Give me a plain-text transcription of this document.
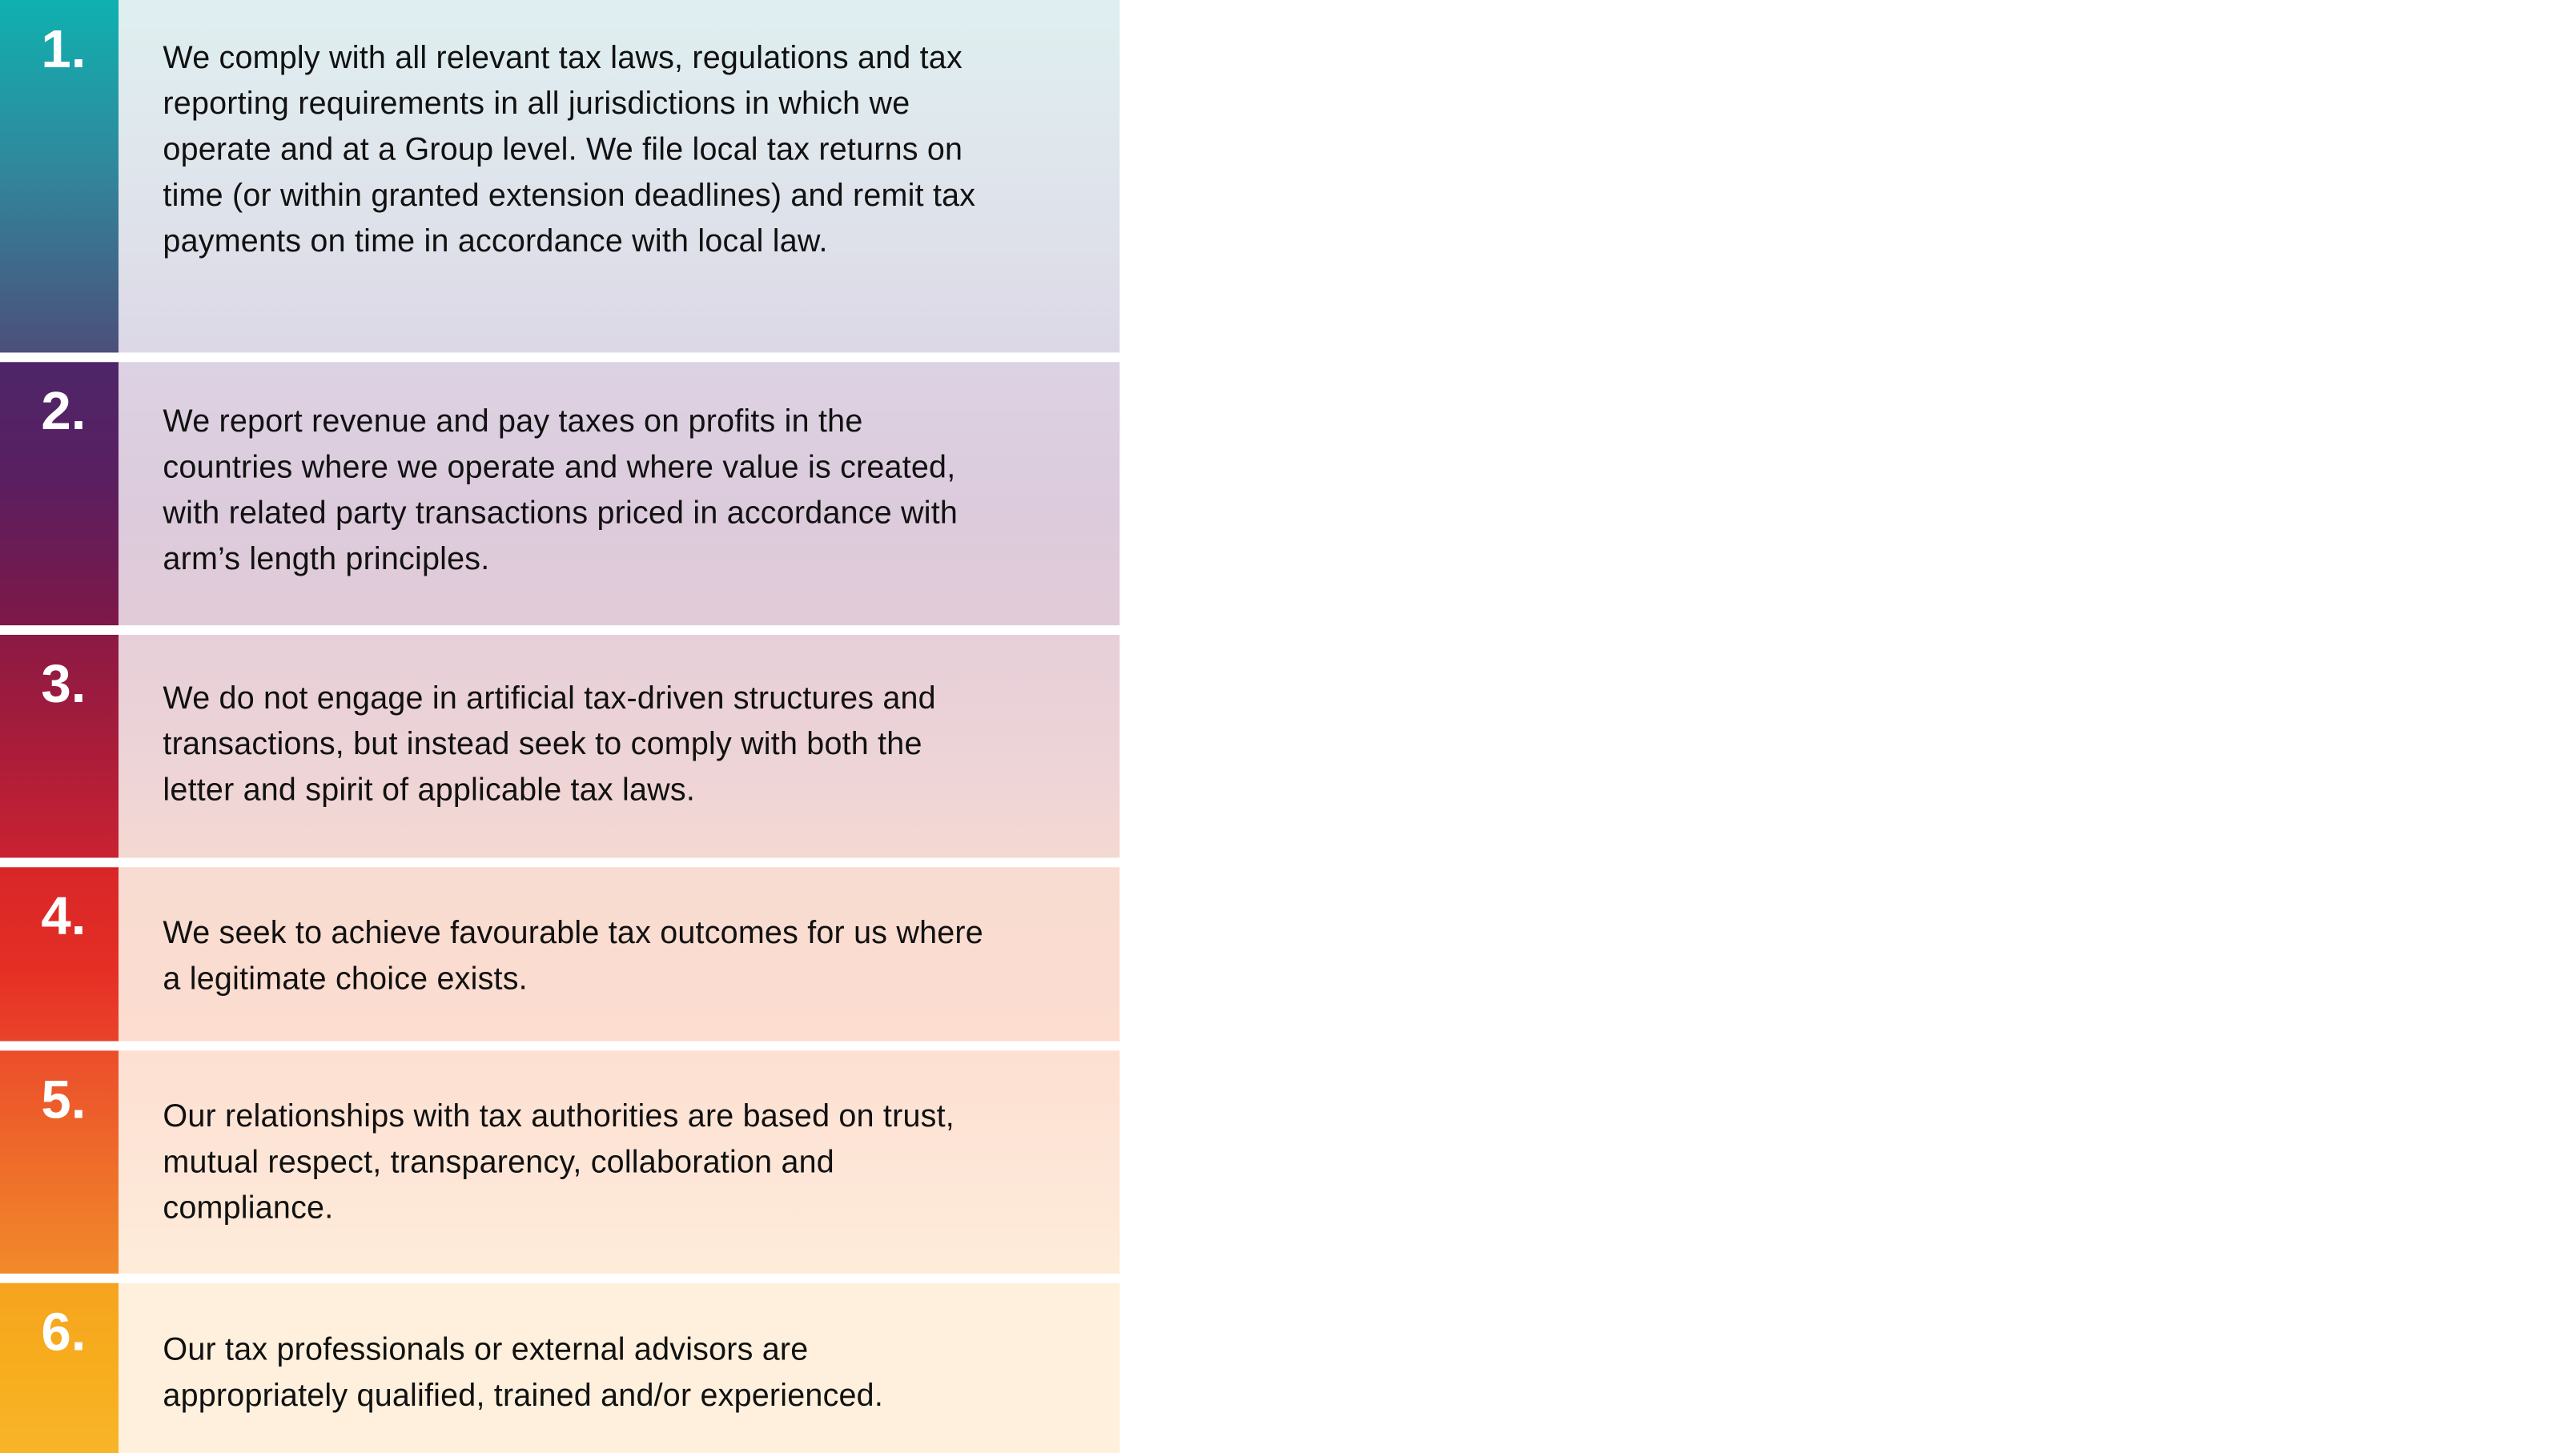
1. We comply with all relevant tax laws, regulations and tax reporting requirements in all jurisdictions in which we operate and at a Group level. We file local tax returns on time (or within granted extension deadlines) and remit tax payments on time in accordance with local law.

2. We report revenue and pay taxes on profits in the countries where we operate and where value is created, with related party transactions priced in accordance with arm’s length principles.

3. We do not engage in artificial tax-driven structures and transactions, but instead seek to comply with both the letter and spirit of applicable tax laws.

4. We seek to achieve favourable tax outcomes for us where a legitimate choice exists.

5. Our relationships with tax authorities are based on trust, mutual respect, transparency, collaboration and compliance.

6. Our tax professionals or external advisors are appropriately qualified, trained and/or experienced.
